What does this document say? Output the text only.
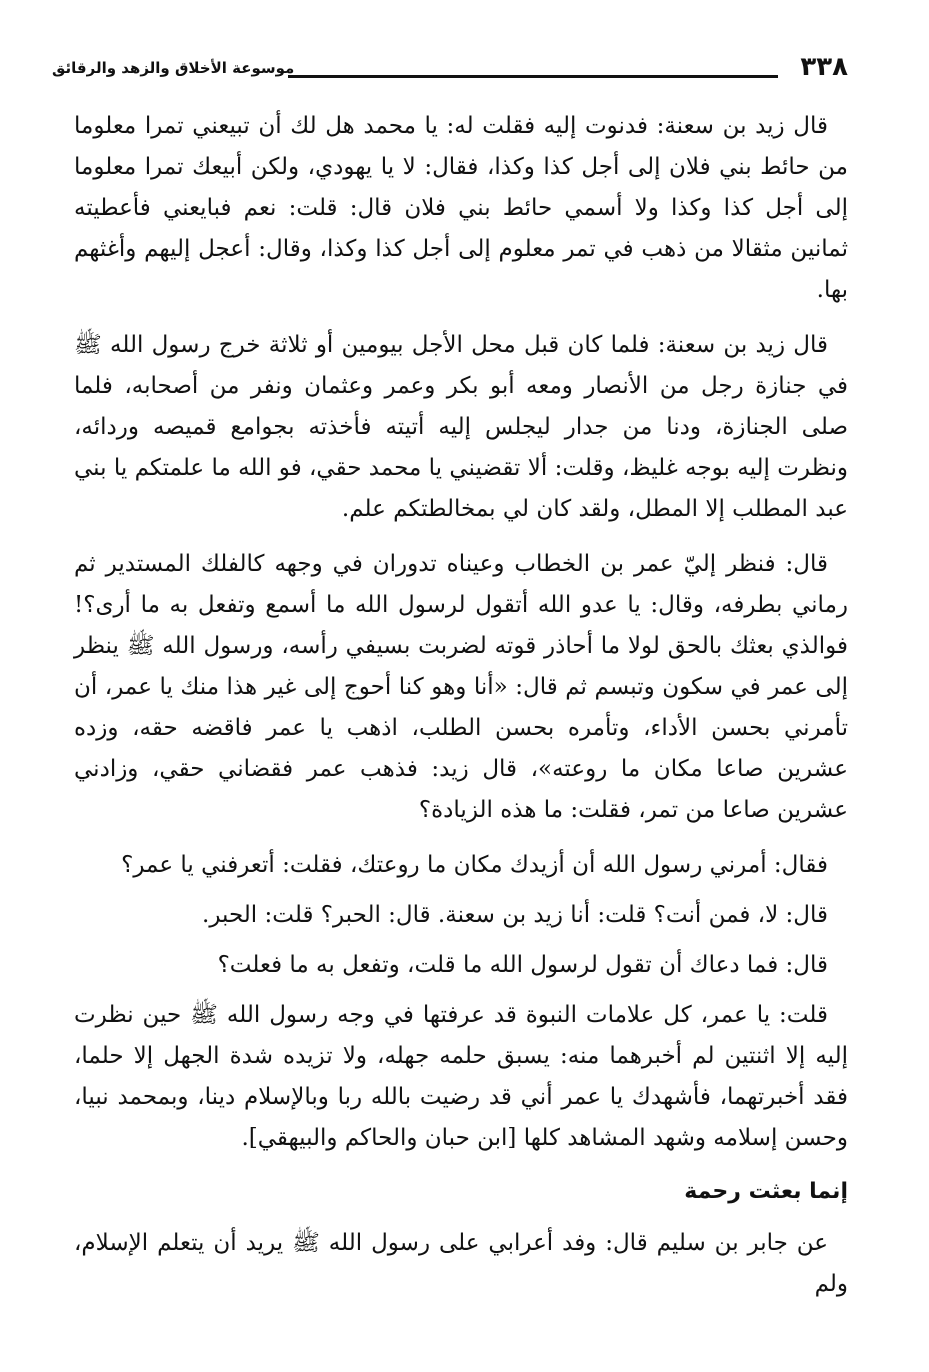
٣٣٨
موسوعة الأخلاق والزهد والرقائق

قال زيد بن سعنة: فدنوت إليه فقلت له: يا محمد هل لك أن تبيعني تمرا معلوما من حائط بني فلان إلى أجل كذا وكذا، فقال: لا يا يهودي، ولكن أبيعك تمرا معلوما إلى أجل كذا وكذا ولا أسمي حائط بني فلان قال: قلت: نعم فبايعني فأعطيته ثمانين مثقالا من ذهب في تمر معلوم إلى أجل كذا وكذا، وقال: أعجل إليهم وأغثهم بها.

قال زيد بن سعنة: فلما كان قبل محل الأجل بيومين أو ثلاثة خرج رسول الله ﷺ في جنازة رجل من الأنصار ومعه أبو بكر وعمر وعثمان ونفر من أصحابه، فلما صلى الجنازة، ودنا من جدار ليجلس إليه أتيته فأخذته بجوامع قميصه وردائه، ونظرت إليه بوجه غليظ، وقلت: ألا تقضيني يا محمد حقي، فو الله ما علمتكم يا بني عبد المطلب إلا المطل، ولقد كان لي بمخالطتكم علم.

قال: فنظر إليّ عمر بن الخطاب وعيناه تدوران في وجهه كالفلك المستدير ثم رماني بطرفه، وقال: يا عدو الله أتقول لرسول الله ما أسمع وتفعل به ما أرى؟! فوالذي بعثك بالحق لولا ما أحاذر قوته لضربت بسيفي رأسه، ورسول الله ﷺ ينظر إلى عمر في سكون وتبسم ثم قال: «أنا وهو كنا أحوج إلى غير هذا منك يا عمر، أن تأمرني بحسن الأداء، وتأمره بحسن الطلب، اذهب يا عمر فاقضه حقه، وزده عشرين صاعا مكان ما روعته»، قال زيد: فذهب عمر فقضاني حقي، وزادني عشرين صاعا من تمر، فقلت: ما هذه الزيادة؟

فقال: أمرني رسول الله أن أزيدك مكان ما روعتك، فقلت: أتعرفني يا عمر؟

قال: لا، فمن أنت؟ قلت: أنا زيد بن سعنة. قال: الحبر؟ قلت: الحبر.

قال: فما دعاك أن تقول لرسول الله ما قلت، وتفعل به ما فعلت؟

قلت: يا عمر، كل علامات النبوة قد عرفتها في وجه رسول الله ﷺ حين نظرت إليه إلا اثنتين لم أخبرهما منه: يسبق حلمه جهله، ولا تزيده شدة الجهل إلا حلما، فقد أخبرتهما، فأشهدك يا عمر أني قد رضيت بالله ربا وبالإسلام دينا، وبمحمد نبيا، وحسن إسلامه وشهد المشاهد كلها [ابن حبان والحاكم والبيهقي].

إنما بعثت رحمة

عن جابر بن سليم قال: وفد أعرابي على رسول الله ﷺ يريد أن يتعلم الإسلام، ولم
